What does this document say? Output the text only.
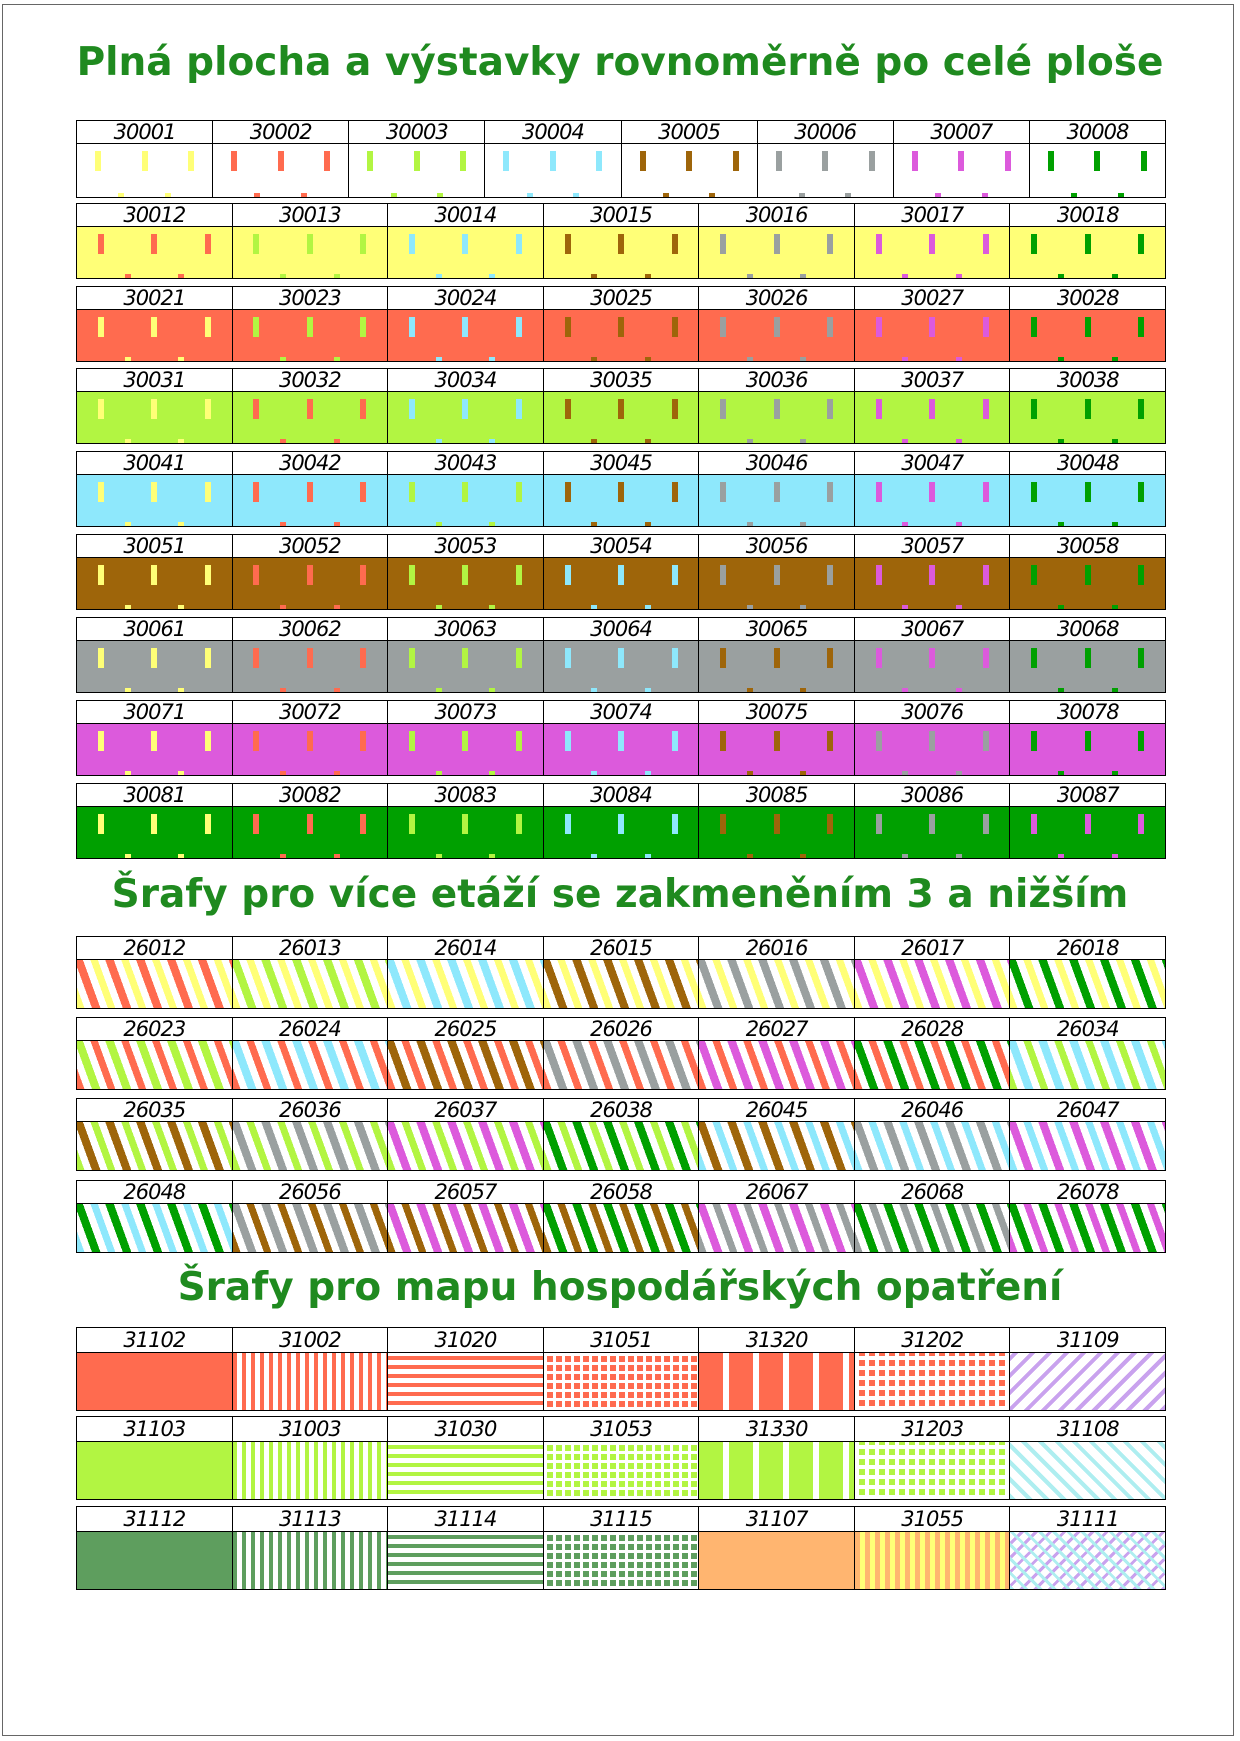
Plná plocha a výstavky rovnoměrně po celé ploše
Šrafy pro více etáží se zakmeněním 3 a nižším
Šrafy pro mapu hospodářských opatření
30001	30002	30003	30004	30005	30006	30007	30008
30012	30013	30014	30015	30016	30017	30018
30021	30023	30024	30025	30026	30027	30028
30031	30032	30034	30035	30036	30037	30038
30041	30042	30043	30045	30046	30047	30048
30051	30052	30053	30054	30056	30057	30058
30061	30062	30063	30064	30065	30067	30068
30071	30072	30073	30074	30075	30076	30078
30081	30082	30083	30084	30085	30086	30087
26012	26013	26014	26015	26016	26017	26018
26023	26024	26025	26026	26027	26028	26034
26035	26036	26037	26038	26045	26046	26047
26048	26056	26057	26058	26067	26068	26078
31102	31002	31020	31051	31320	31202	31109
31103	31003	31030	31053	31330	31203	31108
31112	31113	31114	31115	31107	31055	31111
